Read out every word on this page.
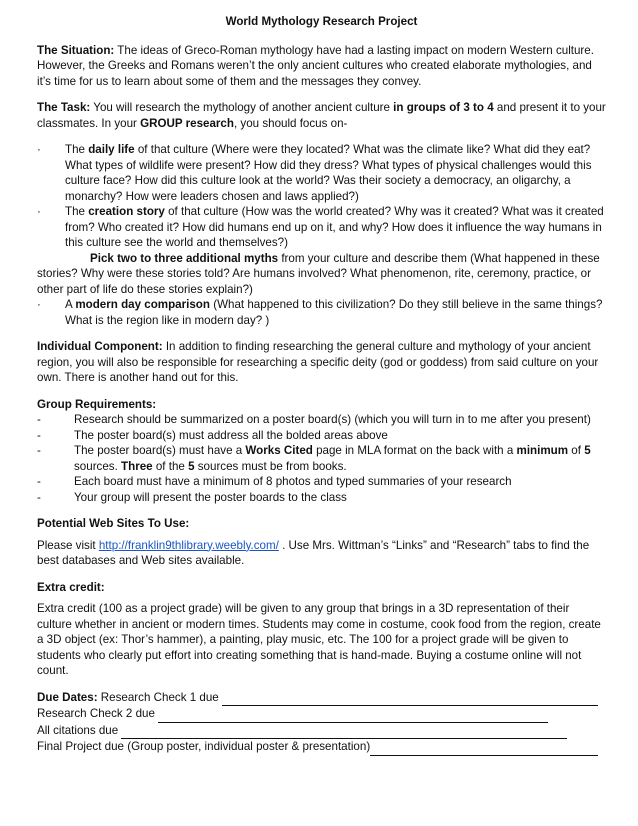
World Mythology Research Project

The Situation: The ideas of Greco-Roman mythology have had a lasting impact on modern Western culture. However, the Greeks and Romans weren’t the only ancient cultures who created elaborate mythologies, and it’s time for us to learn about some of them and the messages they convey.

The Task: You will research the mythology of another ancient culture in groups of 3 to 4 and present it to your classmates. In your GROUP research, you should focus on-

· The daily life of that culture (Where were they located? What was the climate like? What did they eat? What types of wildlife were present? How did they dress? What types of physical challenges would this culture face? How did this culture look at the world? Was their society a democracy, an oligarchy, a monarchy? How were leaders chosen and laws applied?)
· The creation story of that culture (How was the world created? Why was it created? What was it created from? Who created it? How did humans end up on it, and why? How does it influence the way humans in this culture see the world and themselves?)

Pick two to three additional myths from your culture and describe them (What happened in these stories? Why were these stories told? Are humans involved? What phenomenon, rite, ceremony, practice, or other part of life do these stories explain?)

· A modern day comparison (What happened to this civilization? Do they still believe in the same things? What is the region like in modern day? )

Individual Component: In addition to finding researching the general culture and mythology of your ancient region, you will also be responsible for researching a specific deity (god or goddess) from said culture on your own. There is another hand out for this.

Group Requirements:

-	Research should be summarized on a poster board(s) (which you will turn in to me after you present)
-	The poster board(s) must address all the bolded areas above
-	The poster board(s) must have a Works Cited page in MLA format on the back with a minimum of 5 sources. Three of the 5 sources must be from books.
-	Each board must have a minimum of 8 photos and typed summaries of your research
-	Your group will present the poster boards to the class

Potential Web Sites To Use:

Please visit http://franklin9thlibrary.weebly.com/ . Use Mrs. Wittman’s “Links” and “Research” tabs to find the best databases and Web sites available.

Extra credit:

Extra credit (100 as a project grade) will be given to any group that brings in a 3D representation of their culture whether in ancient or modern times. Students may come in costume, cook food from the region, create a 3D object (ex: Thor’s hammer), a painting, play music, etc. The 100 for a project grade will be given to students who clearly put effort into creating something that is hand-made. Buying a costume online will not count.

Due Dates: Research Check 1 due
Research Check 2 due
All citations due
Final Project due (Group poster, individual poster & presentation)
